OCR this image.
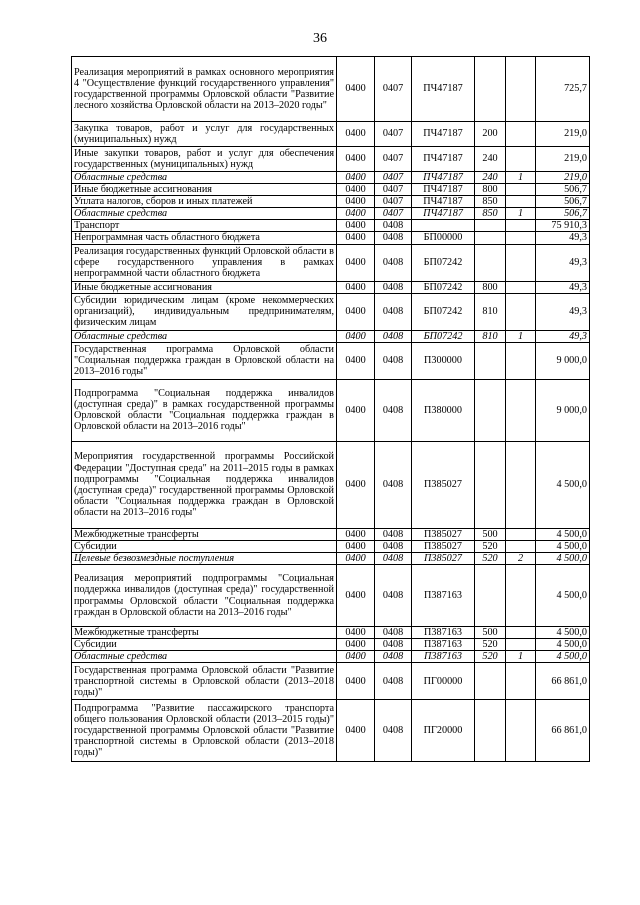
36
Реализация мероприятий в рамках основного мероприятия 4 "Осуществление функций государственного управления" государственной программы Орловской области "Развитие лесного хозяйства Орловской области на 2013–2020 годы"	0400	0407	ПЧ47187			725,7
Закупка товаров, работ и услуг для государственных (муниципальных) нужд	0400	0407	ПЧ47187	200		219,0
Иные закупки товаров, работ и услуг для обеспечения государственных (муниципальных) нужд	0400	0407	ПЧ47187	240		219,0
Областные средства	0400	0407	ПЧ47187	240	1	219,0
Иные бюджетные ассигнования	0400	0407	ПЧ47187	800		506,7
Уплата налогов, сборов и иных платежей	0400	0407	ПЧ47187	850		506,7
Областные средства	0400	0407	ПЧ47187	850	1	506,7
Транспорт	0400	0408				75 910,3
Непрограммная часть областного бюджета	0400	0408	БП00000			49,3
Реализация государственных функций Орловской области в сфере государственного управления в рамках непрограммной части областного бюджета	0400	0408	БП07242			49,3
Иные бюджетные ассигнования	0400	0408	БП07242	800		49,3
Субсидии юридическим лицам (кроме некоммерческих организаций), индивидуальным предпринимателям, физическим лицам	0400	0408	БП07242	810		49,3
Областные средства	0400	0408	БП07242	810	1	49,3
Государственная программа Орловской области "Социальная поддержка граждан в Орловской области на 2013–2016 годы"	0400	0408	П300000			9 000,0
Подпрограмма "Социальная поддержка инвалидов (доступная среда)" в рамках государственной программы Орловской области "Социальная поддержка граждан в Орловской области на 2013–2016 годы"	0400	0408	П380000			9 000,0
Мероприятия государственной программы Российской Федерации "Доступная среда" на 2011–2015 годы в рамках подпрограммы "Социальная поддержка инвалидов (доступная среда)" государственной программы Орловской области "Социальная поддержка граждан в Орловской области на 2013–2016 годы"	0400	0408	П385027			4 500,0
Межбюджетные трансферты	0400	0408	П385027	500		4 500,0
Субсидии	0400	0408	П385027	520		4 500,0
Целевые безвозмездные поступления	0400	0408	П385027	520	2	4 500,0
Реализация мероприятий подпрограммы "Социальная поддержка инвалидов (доступная среда)" государственной программы Орловской области "Социальная поддержка граждан в Орловской области на 2013–2016 годы"	0400	0408	П387163			4 500,0
Межбюджетные трансферты	0400	0408	П387163	500		4 500,0
Субсидии	0400	0408	П387163	520		4 500,0
Областные средства	0400	0408	П387163	520	1	4 500,0
Государственная программа Орловской области "Развитие транспортной системы в Орловской области (2013–2018 годы)"	0400	0408	ПГ00000			66 861,0
Подпрограмма "Развитие пассажирского транспорта общего пользования Орловской области (2013–2015 годы)" государственной программы Орловской области "Развитие транспортной системы в Орловской области (2013–2018 годы)"	0400	0408	ПГ20000			66 861,0
